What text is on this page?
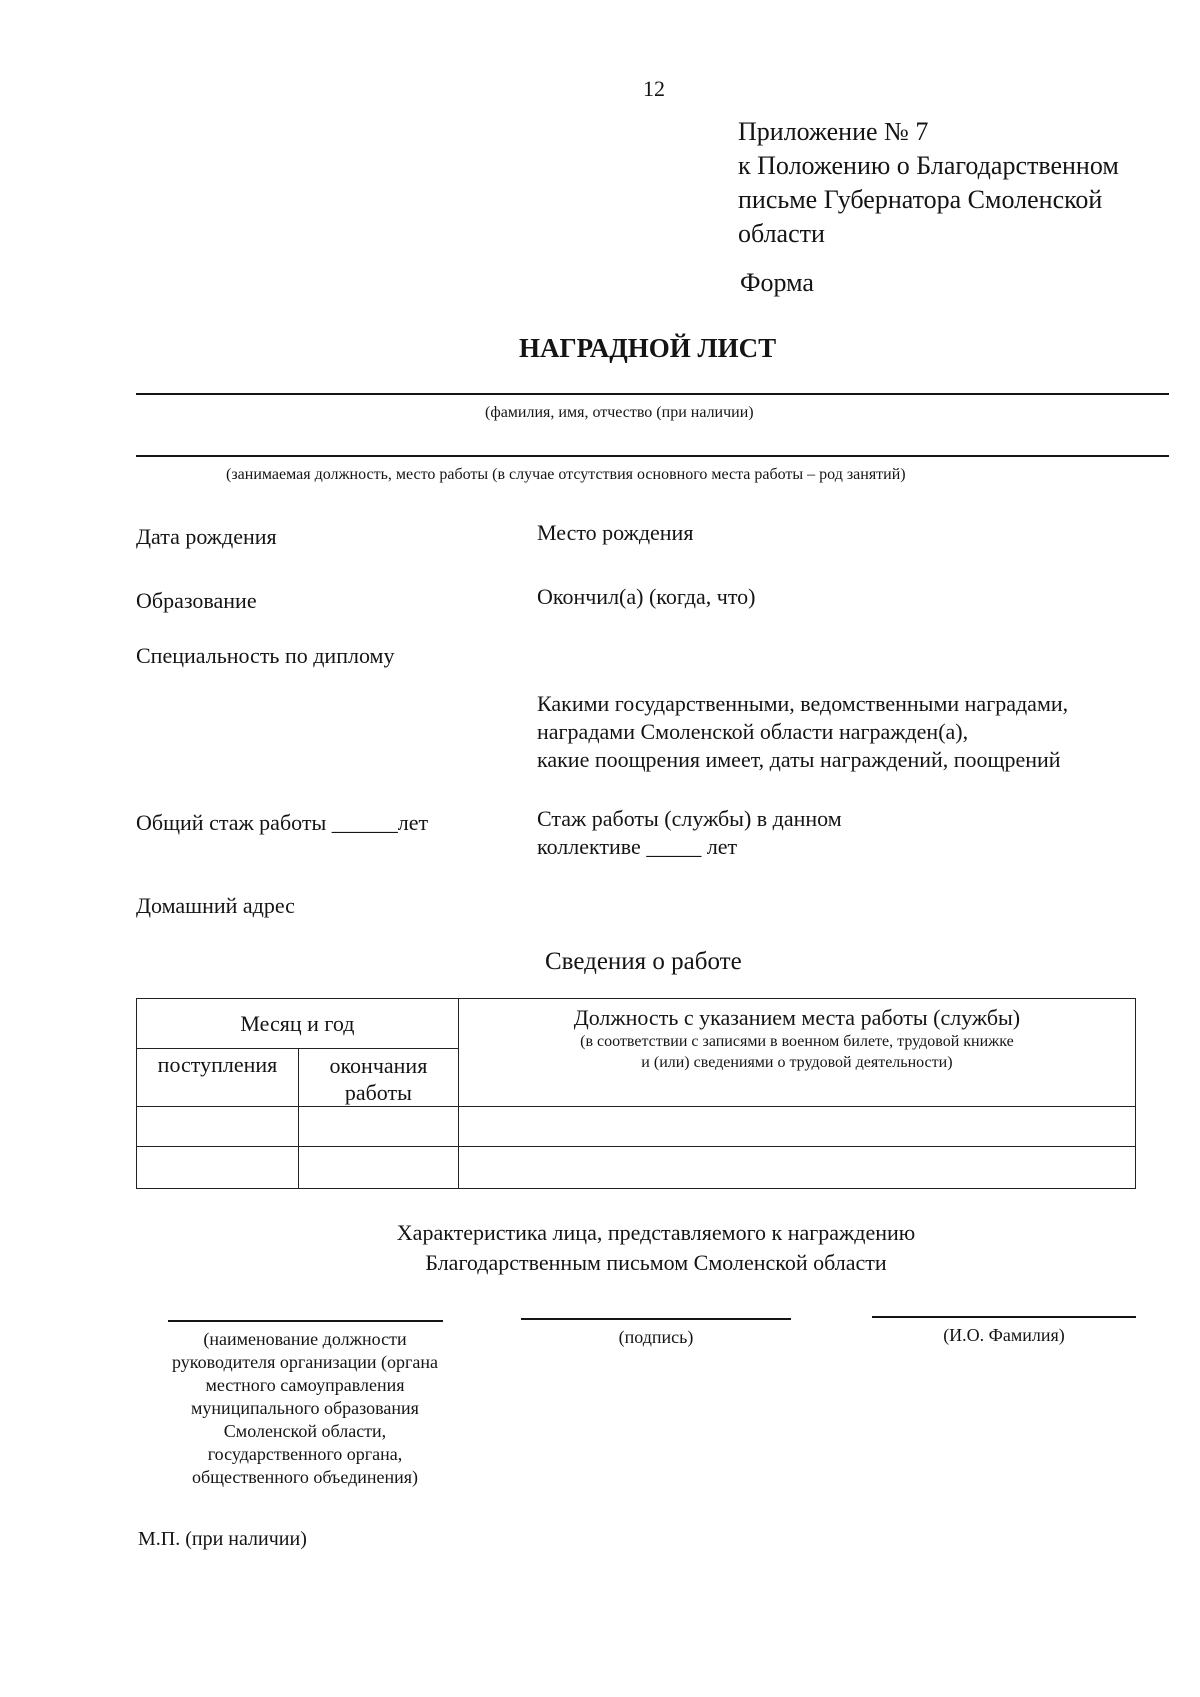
12
Приложение № 7
к Положению о Благодарственном
письме Губернатора Смоленской
области
Форма
НАГРАДНОЙ ЛИСТ
(фамилия, имя, отчество (при наличии)
(занимаемая должность, место работы (в случае отсутствия основного места работы – род занятий)
Дата рождения	Место рождения
Образование	Окончил(а) (когда, что)
Специальность по диплому
Какими государственными, ведомственными наградами,
наградами Смоленской области награжден(а),
какие поощрения имеет, даты награждений, поощрений
Общий стаж работы ______лет	Стаж работы (службы) в данном
коллективе _____ лет
Домашний адрес
Сведения о работе
Месяц и год		Должность с указанием места работы (службы)
(в соответствии с записями в военном билете, трудовой книжке
и (или) сведениями о трудовой деятельности)

поступления	окончания
работы	

Характеристика лица, представляемого к награждению
Благодарственным письмом Смоленской области
(наименование должности
руководителя организации (органа
местного самоуправления
муниципального образования
Смоленской области,
государственного органа,
общественного объединения)
(подпись)	(И.О. Фамилия)
М.П. (при наличии)
